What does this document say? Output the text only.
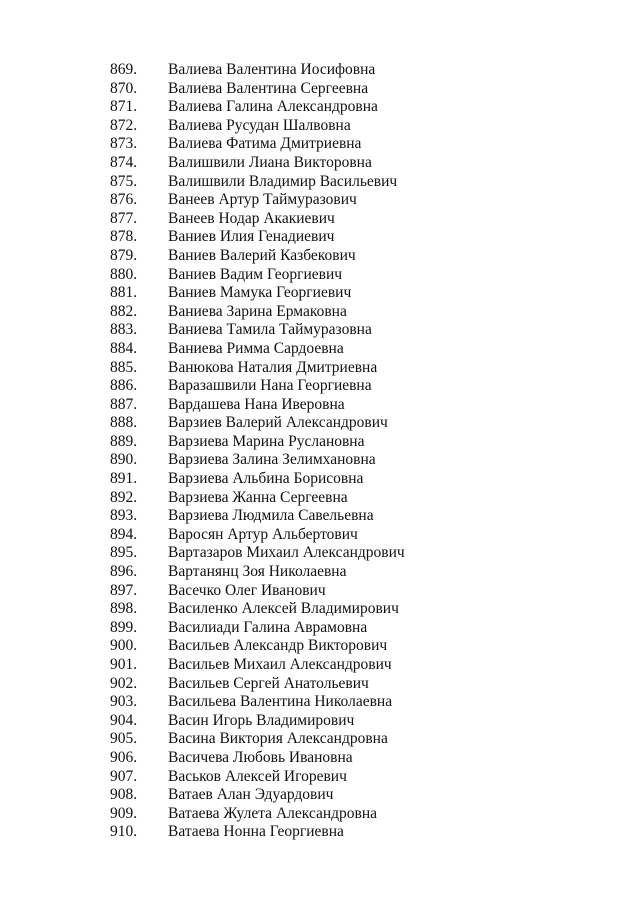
869. Валиева Валентина Иосифовна
870. Валиева Валентина Сергеевна
871. Валиева Галина Александровна
872. Валиева Русудан Шалвовна
873. Валиева Фатима Дмитриевна
874. Валишвили Лиана Викторовна
875. Валишвили Владимир Васильевич
876. Ванеев Артур Таймуразович
877. Ванеев Нодар Акакиевич
878. Ваниев Илия Генадиевич
879. Ваниев Валерий Казбекович
880. Ваниев Вадим Георгиевич
881. Ваниев Мамука Георгиевич
882. Ваниева Зарина Ермаковна
883. Ваниева Тамила Таймуразовна
884. Ваниева Римма Сардоевна
885. Ванюкова Наталия Дмитриевна
886. Варазашвили Нана Георгиевна
887. Вардашева Нана Иверовна
888. Варзиев Валерий Александрович
889. Варзиева Марина Руслановна
890. Варзиева Залина Зелимхановна
891. Варзиева Альбина Борисовна
892. Варзиева Жанна Сергеевна
893. Варзиева Людмила Савельевна
894. Варосян Артур Альбертович
895. Вартазаров Михаил Александрович
896. Вартанянц Зоя Николаевна
897. Васечко Олег Иванович
898. Василенко Алексей Владимирович
899. Василиади Галина Аврамовна
900. Васильев Александр Викторович
901. Васильев Михаил Александрович
902. Васильев Сергей Анатольевич
903. Васильева Валентина Николаевна
904. Васин Игорь Владимирович
905. Васина Виктория Александровна
906. Васичева Любовь Ивановна
907. Васьков Алексей Игоревич
908. Ватаев Алан Эдуардович
909. Ватаева Жулета Александровна
910. Ватаева Нонна Георгиевна
